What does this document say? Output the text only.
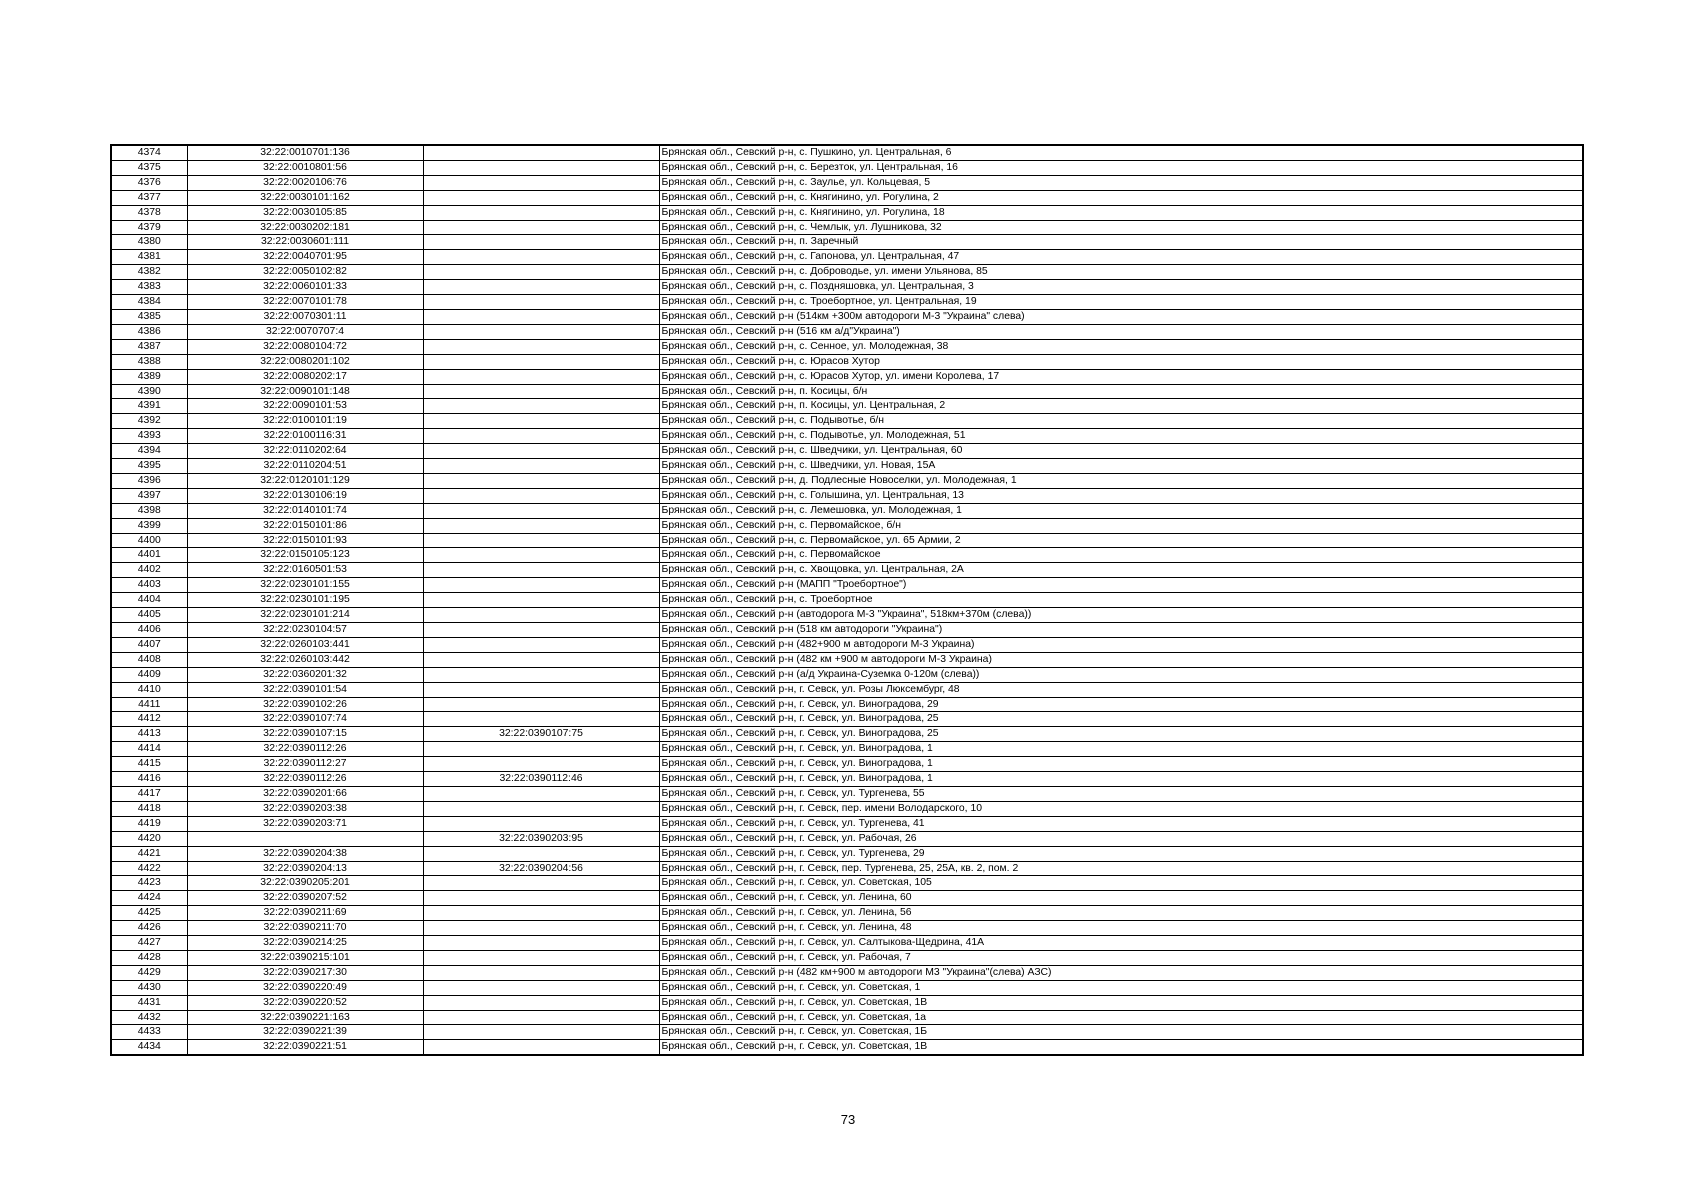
4374	32:22:0010701:136		Брянская обл., Севский р-н, с. Пушкино, ул. Центральная, 6
4375	32:22:0010801:56		Брянская обл., Севский р-н, с. Березток, ул. Центральная, 16
4376	32:22:0020106:76		Брянская обл., Севский р-н, с. Заулье, ул. Кольцевая, 5
4377	32:22:0030101:162		Брянская обл., Севский р-н, с. Княгинино, ул. Рогулина, 2
4378	32:22:0030105:85		Брянская обл., Севский р-н, с. Княгинино, ул. Рогулина, 18
4379	32:22:0030202:181		Брянская обл., Севский р-н, с. Чемлык, ул. Лушникова, 32
4380	32:22:0030601:111		Брянская обл., Севский р-н, п. Заречный
4381	32:22:0040701:95		Брянская обл., Севский р-н, с. Гапонова, ул. Центральная, 47
4382	32:22:0050102:82		Брянская обл., Севский р-н, с. Доброводье, ул. имени Ульянова, 85
4383	32:22:0060101:33		Брянская обл., Севский р-н, с. Поздняшовка, ул. Центральная, 3
4384	32:22:0070101:78		Брянская обл., Севский р-н, с. Троебортное, ул. Центральная, 19
4385	32:22:0070301:11		Брянская обл., Севский р-н (514км +300м автодороги М-3 "Украина" слева)
4386	32:22:0070707:4		Брянская обл., Севский р-н (516 км а/д"Украина")
4387	32:22:0080104:72		Брянская обл., Севский р-н, с. Сенное, ул. Молодежная, 38
4388	32:22:0080201:102		Брянская обл., Севский р-н, с. Юрасов Хутор
4389	32:22:0080202:17		Брянская обл., Севский р-н, с. Юрасов Хутор, ул. имени Королева, 17
4390	32:22:0090101:148		Брянская обл., Севский р-н, п. Косицы, б/н
4391	32:22:0090101:53		Брянская обл., Севский р-н, п. Косицы, ул. Центральная, 2
4392	32:22:0100101:19		Брянская обл., Севский р-н, с. Подывотье, б/н
4393	32:22:0100116:31		Брянская обл., Севский р-н, с. Подывотье, ул. Молодежная, 51
4394	32:22:0110202:64		Брянская обл., Севский р-н, с. Шведчики, ул. Центральная, 60
4395	32:22:0110204:51		Брянская обл., Севский р-н, с. Шведчики, ул. Новая, 15А
4396	32:22:0120101:129		Брянская обл., Севский р-н, д. Подлесные Новоселки, ул. Молодежная, 1
4397	32:22:0130106:19		Брянская обл., Севский р-н, с. Голышина, ул. Центральная, 13
4398	32:22:0140101:74		Брянская обл., Севский р-н, с. Лемешовка, ул. Молодежная, 1
4399	32:22:0150101:86		Брянская обл., Севский р-н, с. Первомайское, б/н
4400	32:22:0150101:93		Брянская обл., Севский р-н, с. Первомайское, ул. 65 Армии, 2
4401	32:22:0150105:123		Брянская обл., Севский р-н, с. Первомайское
4402	32:22:0160501:53		Брянская обл., Севский р-н, с. Хвощовка, ул. Центральная, 2А
4403	32:22:0230101:155		Брянская обл., Севский р-н (МАПП "Троебортное")
4404	32:22:0230101:195		Брянская обл., Севский р-н, с. Троебортное
4405	32:22:0230101:214		Брянская обл., Севский р-н (автодорога М-3 "Украина", 518км+370м (слева))
4406	32:22:0230104:57		Брянская обл., Севский р-н (518 км автодороги "Украина")
4407	32:22:0260103:441		Брянская обл., Севский р-н (482+900 м автодороги М-3 Украина)
4408	32:22:0260103:442		Брянская обл., Севский р-н (482 км +900 м автодороги М-3 Украина)
4409	32:22:0360201:32		Брянская обл., Севский р-н (а/д Украина-Суземка 0-120м (слева))
4410	32:22:0390101:54		Брянская обл., Севский р-н, г. Севск, ул. Розы Люксембург, 48
4411	32:22:0390102:26		Брянская обл., Севский р-н, г. Севск, ул. Виноградова, 29
4412	32:22:0390107:74		Брянская обл., Севский р-н, г. Севск, ул. Виноградова, 25
4413	32:22:0390107:15	32:22:0390107:75	Брянская обл., Севский р-н, г. Севск, ул. Виноградова, 25
4414	32:22:0390112:26		Брянская обл., Севский р-н, г. Севск, ул. Виноградова, 1
4415	32:22:0390112:27		Брянская обл., Севский р-н, г. Севск, ул. Виноградова, 1
4416	32:22:0390112:26	32:22:0390112:46	Брянская обл., Севский р-н, г. Севск, ул. Виноградова, 1
4417	32:22:0390201:66		Брянская обл., Севский р-н, г. Севск, ул. Тургенева, 55
4418	32:22:0390203:38		Брянская обл., Севский р-н, г. Севск, пер. имени Володарского, 10
4419	32:22:0390203:71		Брянская обл., Севский р-н, г. Севск, ул. Тургенева, 41
4420		32:22:0390203:95	Брянская обл., Севский р-н, г. Севск, ул. Рабочая, 26
4421	32:22:0390204:38		Брянская обл., Севский р-н, г. Севск, ул. Тургенева, 29
4422	32:22:0390204:13	32:22:0390204:56	Брянская обл., Севский р-н, г. Севск, пер. Тургенева, 25, 25А, кв. 2, пом. 2
4423	32:22:0390205:201		Брянская обл., Севский р-н, г. Севск, ул. Советская, 105
4424	32:22:0390207:52		Брянская обл., Севский р-н, г. Севск, ул. Ленина, 60
4425	32:22:0390211:69		Брянская обл., Севский р-н, г. Севск, ул. Ленина, 56
4426	32:22:0390211:70		Брянская обл., Севский р-н, г. Севск, ул. Ленина, 48
4427	32:22:0390214:25		Брянская обл., Севский р-н, г. Севск, ул. Салтыкова-Щедрина, 41А
4428	32:22:0390215:101		Брянская обл., Севский р-н, г. Севск, ул. Рабочая, 7
4429	32:22:0390217:30		Брянская обл., Севский р-н (482 км+900 м автодороги М3 "Украина"(слева) АЗС)
4430	32:22:0390220:49		Брянская обл., Севский р-н, г. Севск, ул. Советская, 1
4431	32:22:0390220:52		Брянская обл., Севский р-н, г. Севск, ул. Советская, 1В
4432	32:22:0390221:163		Брянская обл., Севский р-н, г. Севск, ул. Советская, 1а
4433	32:22:0390221:39		Брянская обл., Севский р-н, г. Севск, ул. Советская, 1Б
4434	32:22:0390221:51		Брянская обл., Севский р-н, г. Севск, ул. Советская, 1В
73
